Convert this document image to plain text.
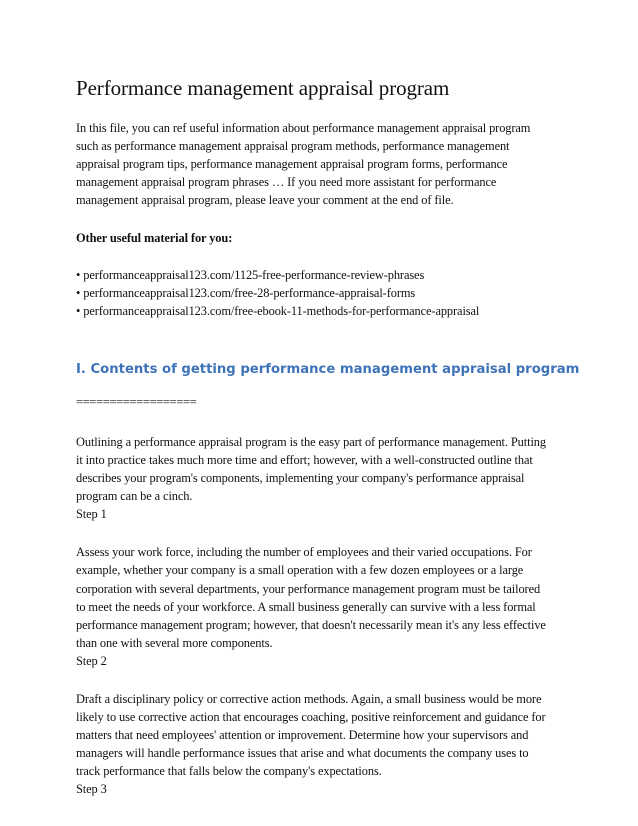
Performance management appraisal program

In this file, you can ref useful information about performance management appraisal program
such as performance management appraisal program methods, performance management
appraisal program tips, performance management appraisal program forms, performance
management appraisal program phrases … If you need more assistant for performance
management appraisal program, please leave your comment at the end of file.

Other useful material for you:

• performanceappraisal123.com/1125-free-performance-review-phrases
• performanceappraisal123.com/free-28-performance-appraisal-forms
• performanceappraisal123.com/free-ebook-11-methods-for-performance-appraisal

I. Contents of getting performance management appraisal program
==================

Outlining a performance appraisal program is the easy part of performance management. Putting
it into practice takes much more time and effort; however, with a well-constructed outline that
describes your program's components, implementing your company's performance appraisal
program can be a cinch.

Step 1

Assess your work force, including the number of employees and their varied occupations. For
example, whether your company is a small operation with a few dozen employees or a large
corporation with several departments, your performance management program must be tailored
to meet the needs of your workforce. A small business generally can survive with a less formal
performance management program; however, that doesn't necessarily mean it's any less effective
than one with several more components.

Step 2

Draft a disciplinary policy or corrective action methods. Again, a small business would be more
likely to use corrective action that encourages coaching, positive reinforcement and guidance for
matters that need employees' attention or improvement. Determine how your supervisors and
managers will handle performance issues that arise and what documents the company uses to
track performance that falls below the company's expectations.

Step 3
